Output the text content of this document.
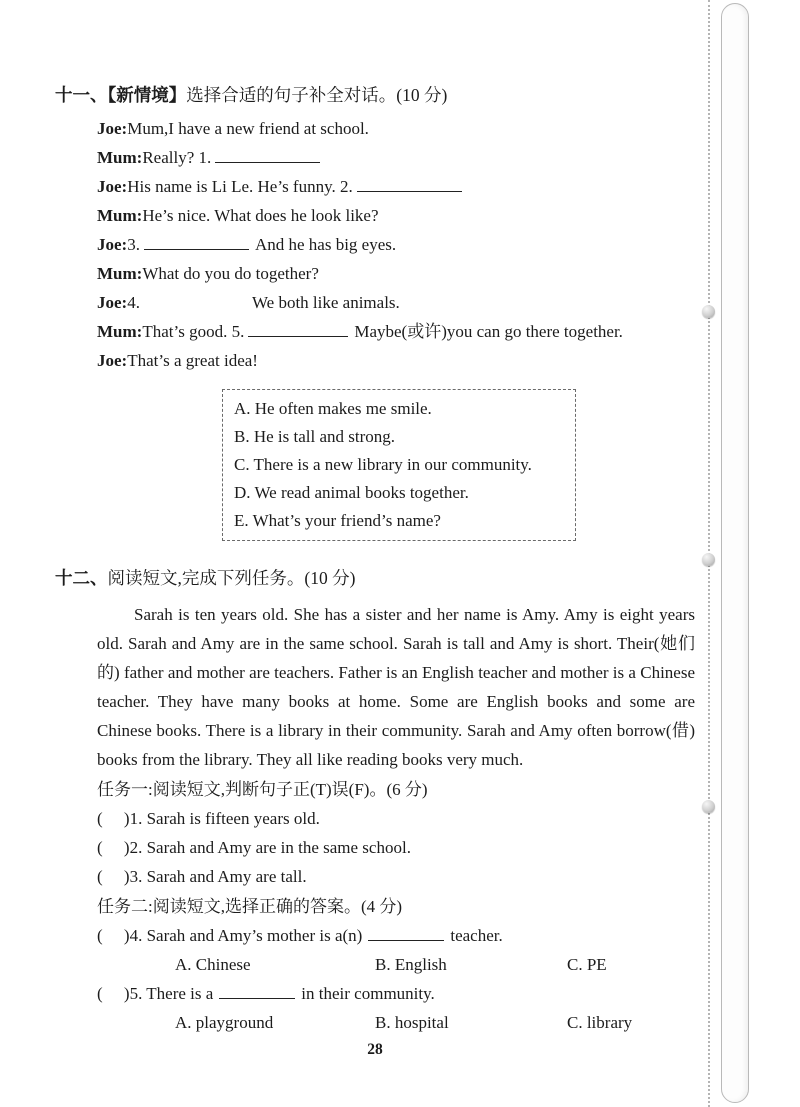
十一、【新情境】选择合适的句子补全对话。(10 分)
Joe:Mum,I have a new friend at school.
Mum:Really? 1.
Joe:His name is Li Le. He’s funny. 2.
Mum:He’s nice. What does he look like?
Joe:3.	And he has big eyes.
Mum:What do you do together?
Joe:4.	We both like animals.
Mum:That’s good. 5.	Maybe(或许)you can go there together.
Joe:That’s a great idea!
A. He often makes me smile.
B. He is tall and strong.
C. There is a new library in our community.
D. We read animal books together.
E. What’s your friend’s name?
十二、阅读短文,完成下列任务。(10 分)
Sarah is ten years old. She has a sister and her name is Amy. Amy is eight years old. Sarah and Amy are in the same school. Sarah is tall and Amy is short. Their(她们的) father and mother are teachers. Father is an English teacher and mother is a Chinese teacher. They have many books at home. Some are English books and some are Chinese books. There is a library in their community. Sarah and Amy often borrow(借) books from the library. They all like reading books very much.
任务一:阅读短文,判断句子正(T)误(F)。(6 分)
(     )1. Sarah is fifteen years old.
(     )2. Sarah and Amy are in the same school.
(     )3. Sarah and Amy are tall.
任务二:阅读短文,选择正确的答案。(4 分)
(     )4. Sarah and Amy’s mother is a(n)	teacher.
A. Chinese	B. English	C. PE
(     )5. There is a	in their community.
A. playground	B. hospital	C. library
28
